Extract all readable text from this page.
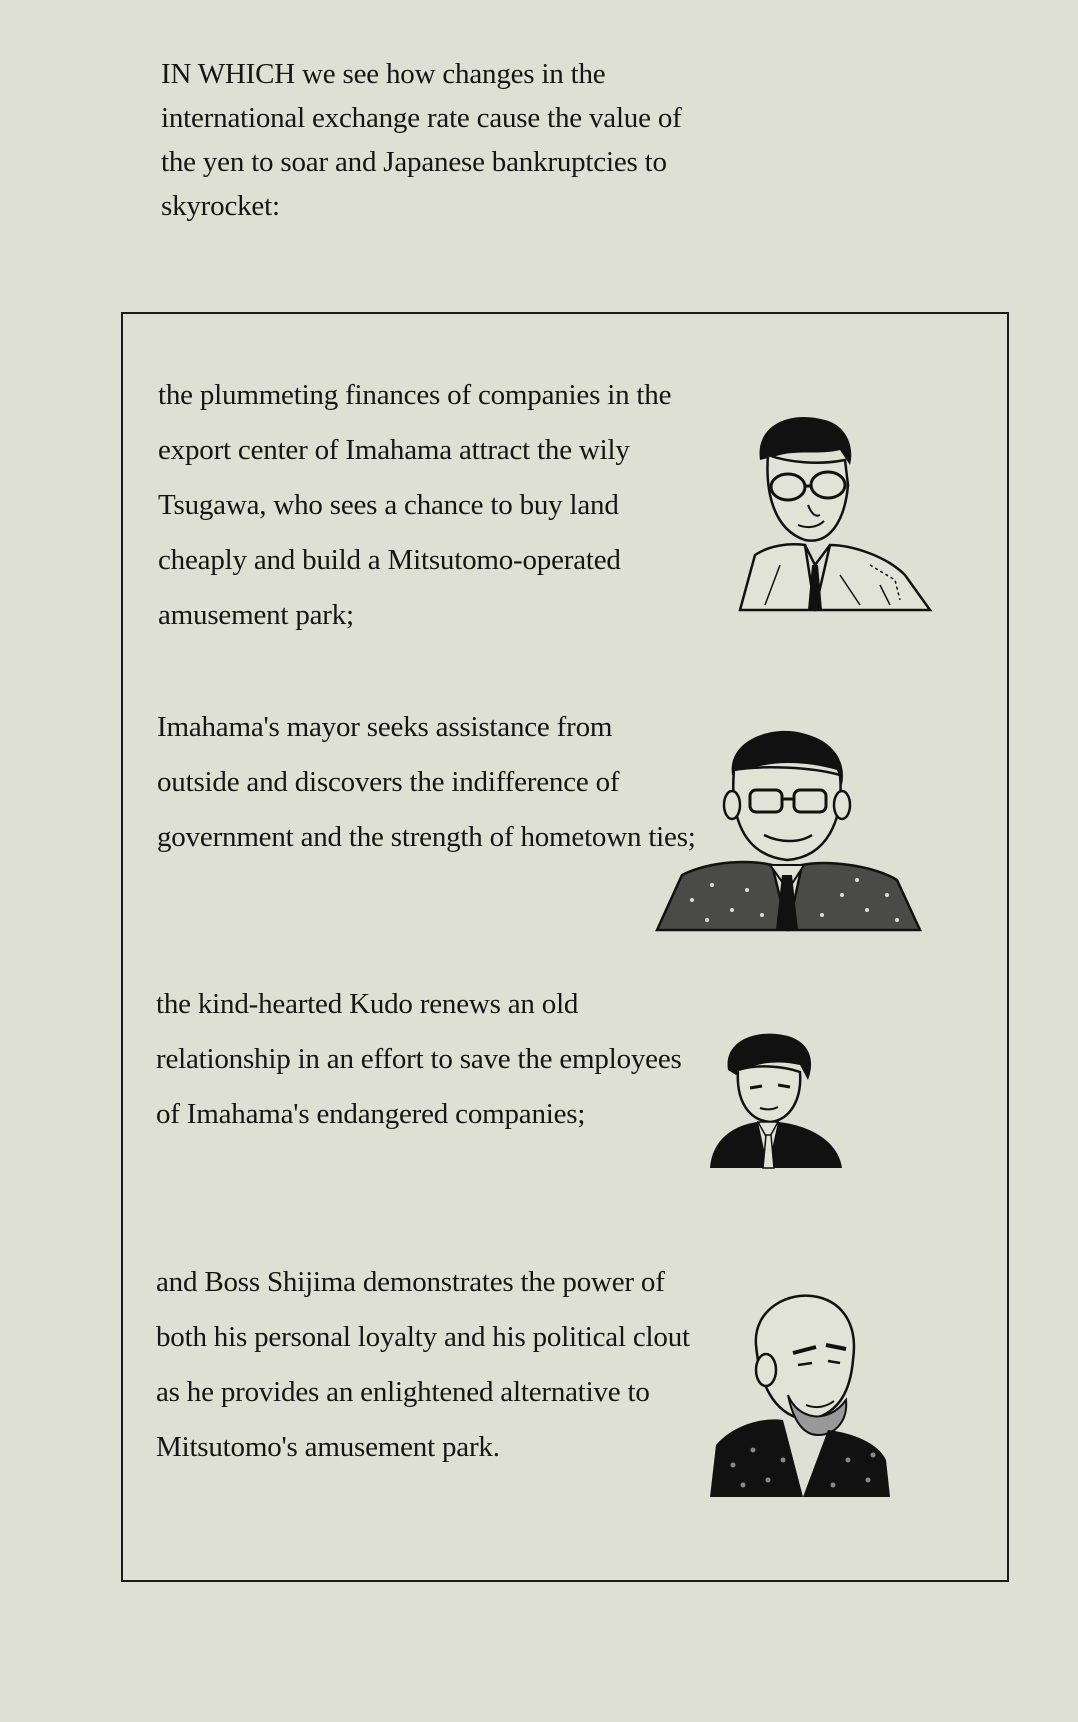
IN WHICH we see how changes in the international exchange rate cause the value of the yen to soar and Japanese bankruptcies to skyrocket:
the plummeting finances of companies in the export center of Imahama attract the wily Tsugawa, who sees a chance to buy land cheaply and build a Mitsutomo-operated amusement park;
Imahama's mayor seeks assistance from outside and discovers the indifference of government and the strength of hometown ties;
the kind-hearted Kudo renews an old relationship in an effort to save the employees of Imahama's endangered companies;
and Boss Shijima demonstrates the power of both his personal loyalty and his political clout as he provides an enlightened alternative to Mitsutomo's amusement park.
